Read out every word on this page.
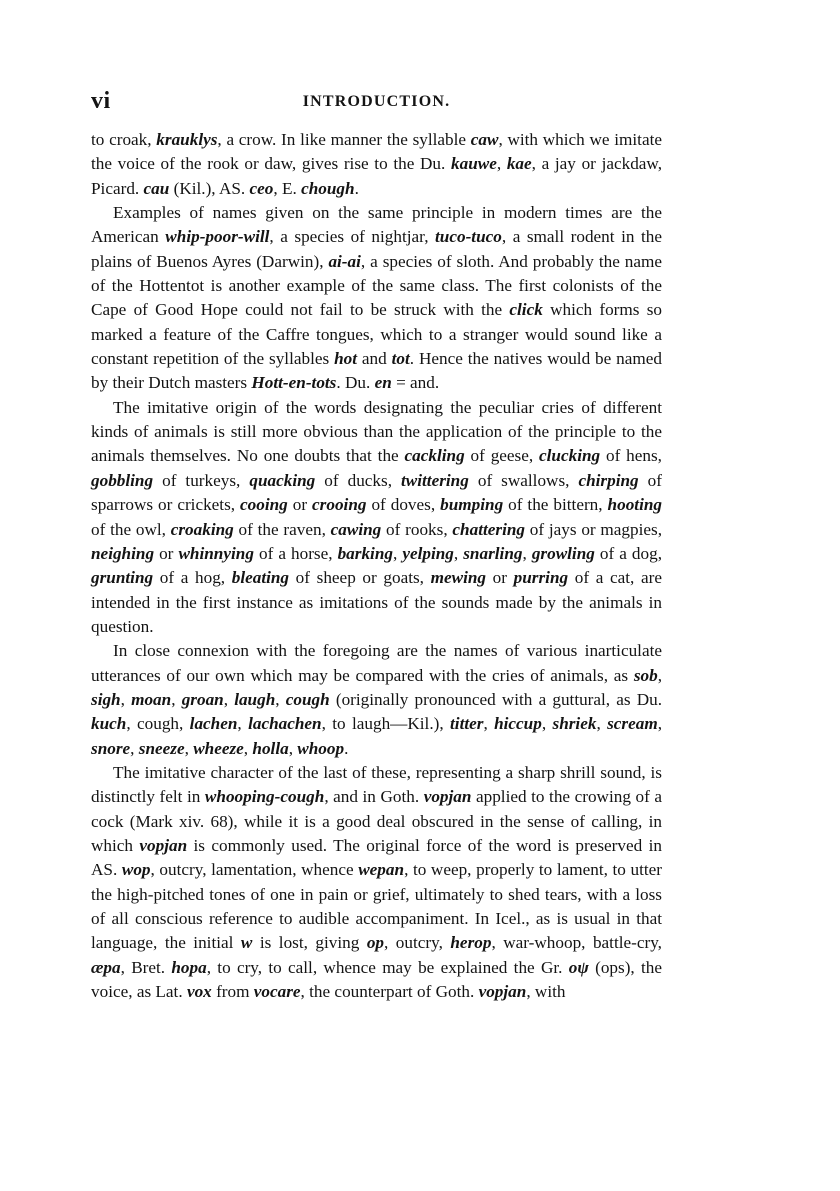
vi	INTRODUCTION.

to croak, krauklys, a crow. In like manner the syllable caw, with which we imitate the voice of the rook or daw, gives rise to the Du. kauwe, kae, a jay or jackdaw, Picard. cau (Kil.), AS. ceo, E. chough.

Examples of names given on the same principle in modern times are the American whip-poor-will, a species of nightjar, tuco-tuco, a small rodent in the plains of Buenos Ayres (Darwin), ai-ai, a species of sloth. And probably the name of the Hottentot is another example of the same class. The first colonists of the Cape of Good Hope could not fail to be struck with the click which forms so marked a feature of the Caffre tongues, which to a stranger would sound like a constant repetition of the syllables hot and tot. Hence the natives would be named by their Dutch masters Hott-en-tots. Du. en = and.

The imitative origin of the words designating the peculiar cries of different kinds of animals is still more obvious than the application of the principle to the animals themselves. No one doubts that the cackling of geese, clucking of hens, gobbling of turkeys, quacking of ducks, twittering of swallows, chirping of sparrows or crickets, cooing or crooing of doves, bumping of the bittern, hooting of the owl, croaking of the raven, cawing of rooks, chattering of jays or magpies, neighing or whinnying of a horse, barking, yelping, snarling, growling of a dog, grunting of a hog, bleating of sheep or goats, mewing or purring of a cat, are intended in the first instance as imitations of the sounds made by the animals in question.

In close connexion with the foregoing are the names of various inarticulate utterances of our own which may be compared with the cries of animals, as sob, sigh, moan, groan, laugh, cough (originally pronounced with a guttural, as Du. kuch, cough, lachen, lachachen, to laugh—Kil.), titter, hiccup, shriek, scream, snore, sneeze, wheeze, holla, whoop.

The imitative character of the last of these, representing a sharp shrill sound, is distinctly felt in whooping-cough, and in Goth. vopjan applied to the crowing of a cock (Mark xiv. 68), while it is a good deal obscured in the sense of calling, in which vopjan is commonly used. The original force of the word is preserved in AS. wop, outcry, lamentation, whence wepan, to weep, properly to lament, to utter the high-pitched tones of one in pain or grief, ultimately to shed tears, with a loss of all conscious reference to audible accompaniment. In Icel., as is usual in that language, the initial w is lost, giving op, outcry, herop, war-whoop, battle-cry, æpa, Bret. hopa, to cry, to call, whence may be explained the Gr. οψ (ops), the voice, as Lat. vox from vocare, the counterpart of Goth. vopjan, with
